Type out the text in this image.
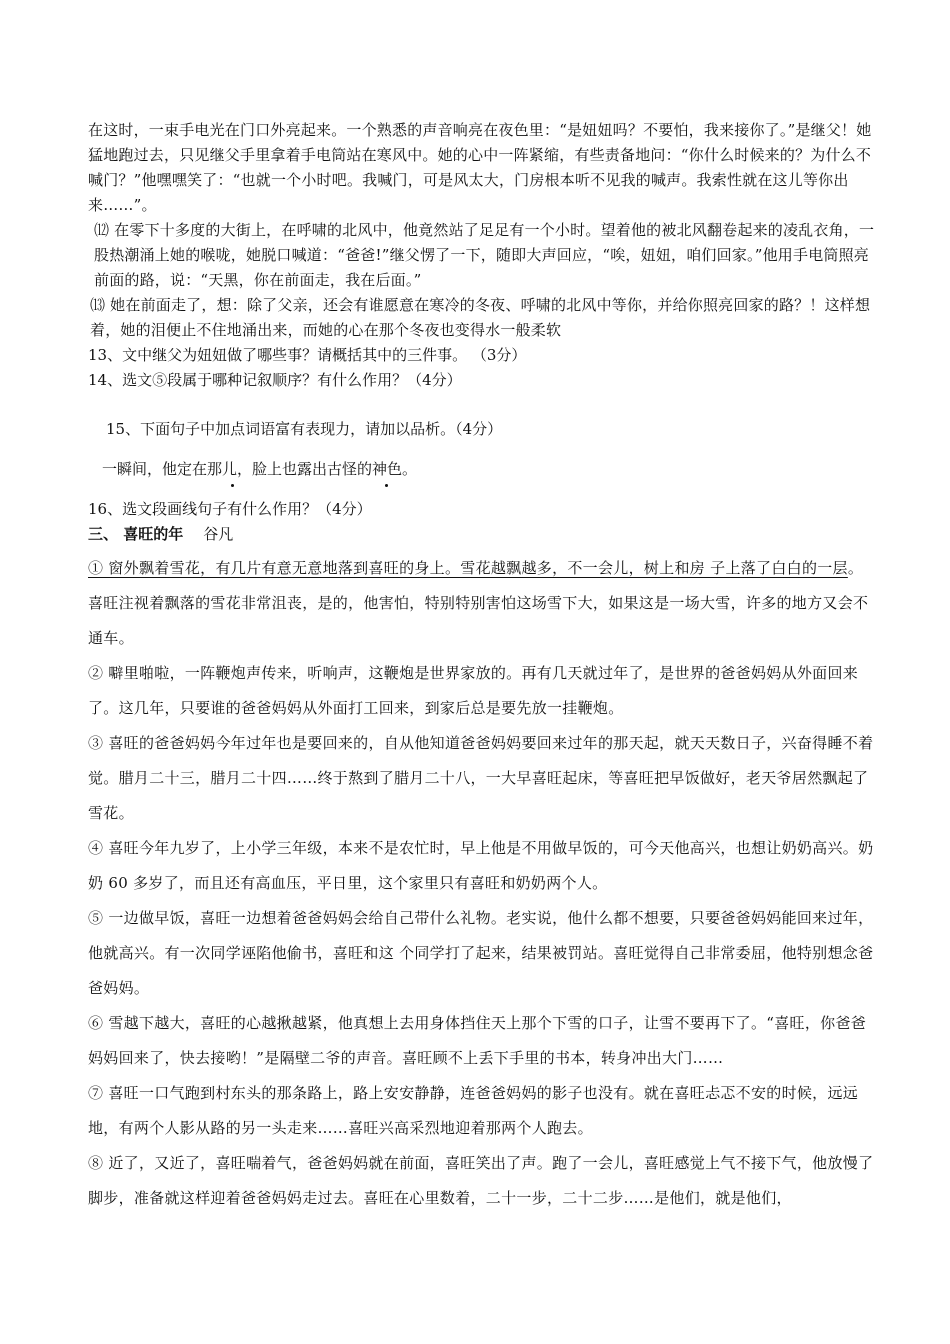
在这时，一束手电光在门口外亮起来。一个熟悉的声音响亮在夜色里：“是妞妞吗？不要怕，我来接你了。”是继父！她猛地跑过去，只见继父手里拿着手电筒站在寒风中。她的心中一阵紧缩，有些责备地问：“你什么时候来的？为什么不喊门？”他嘿嘿笑了：“也就一个小时吧。我喊门，可是风太大，门房根本听不见我的喊声。我索性就在这儿等你出来……”。

⑿ 在零下十多度的大街上，在呼啸的北风中，他竟然站了足足有一个小时。望着他的被北风翻卷起来的凌乱衣角，一股热潮涌上她的喉咙，她脱口喊道：“爸爸!”继父愣了一下，随即大声回应，“唉，妞妞，咱们回家。”他用手电筒照亮前面的路，说：“天黑，你在前面走，我在后面。”

⒀ 她在前面走了，想：除了父亲，还会有谁愿意在寒冷的冬夜、呼啸的北风中等你，并给你照亮回家的路？！这样想着，她的泪便止不住地涌出来，而她的心在那个冬夜也变得水一般柔软

13、文中继父为妞妞做了哪些事？请概括其中的三件事。 （3分）

14、选文⑤段属于哪种记叙顺序？有什么作用？（4分）

15、下面句子中加点词语富有表现力，请加以品析。（4分）

一瞬间，他定在那儿，脸上也露出古怪的神色。

16、选文段画线句子有什么作用？（4分）

三、 喜旺的年 谷凡

① 窗外飘着雪花，有几片有意无意地落到喜旺的身上。雪花越飘越多，不一会儿，树上和房 子上落了白白的一层。喜旺注视着飘落的雪花非常沮丧，是的，他害怕，特别特别害怕这场雪下大，如果这是一场大雪，许多的地方又会不通车。

② 噼里啪啦，一阵鞭炮声传来，听响声，这鞭炮是世界家放的。再有几天就过年了，是世界的爸爸妈妈从外面回来了。这几年，只要谁的爸爸妈妈从外面打工回来，到家后总是要先放一挂鞭炮。

③ 喜旺的爸爸妈妈今年过年也是要回来的，自从他知道爸爸妈妈要回来过年的那天起，就天天数日子，兴奋得睡不着觉。腊月二十三，腊月二十四……终于熬到了腊月二十八，一大早喜旺起床，等喜旺把早饭做好，老天爷居然飘起了雪花。

④ 喜旺今年九岁了，上小学三年级，本来不是农忙时，早上他是不用做早饭的，可今天他高兴，也想让奶奶高兴。奶奶 60 多岁了，而且还有高血压，平日里，这个家里只有喜旺和奶奶两个人。

⑤ 一边做早饭，喜旺一边想着爸爸妈妈会给自己带什么礼物。老实说，他什么都不想要，只要爸爸妈妈能回来过年，他就高兴。有一次同学诬陷他偷书，喜旺和这 个同学打了起来，结果被罚站。喜旺觉得自己非常委屈，他特别想念爸爸妈妈。

⑥ 雪越下越大，喜旺的心越揪越紧，他真想上去用身体挡住天上那个下雪的口子，让雪不要再下了。“喜旺，你爸爸妈妈回来了，快去接哟！”是隔壁二爷的声音。喜旺顾不上丢下手里的书本，转身冲出大门……

⑦ 喜旺一口气跑到村东头的那条路上，路上安安静静，连爸爸妈妈的影子也没有。就在喜旺忐忑不安的时候，远远地，有两个人影从路的另一头走来……喜旺兴高采烈地迎着那两个人跑去。

⑧ 近了，又近了，喜旺喘着气，爸爸妈妈就在前面，喜旺笑出了声。跑了一会儿，喜旺感觉上气不接下气，他放慢了脚步，准备就这样迎着爸爸妈妈走过去。喜旺在心里数着，二十一步，二十二步……是他们，就是他们，
